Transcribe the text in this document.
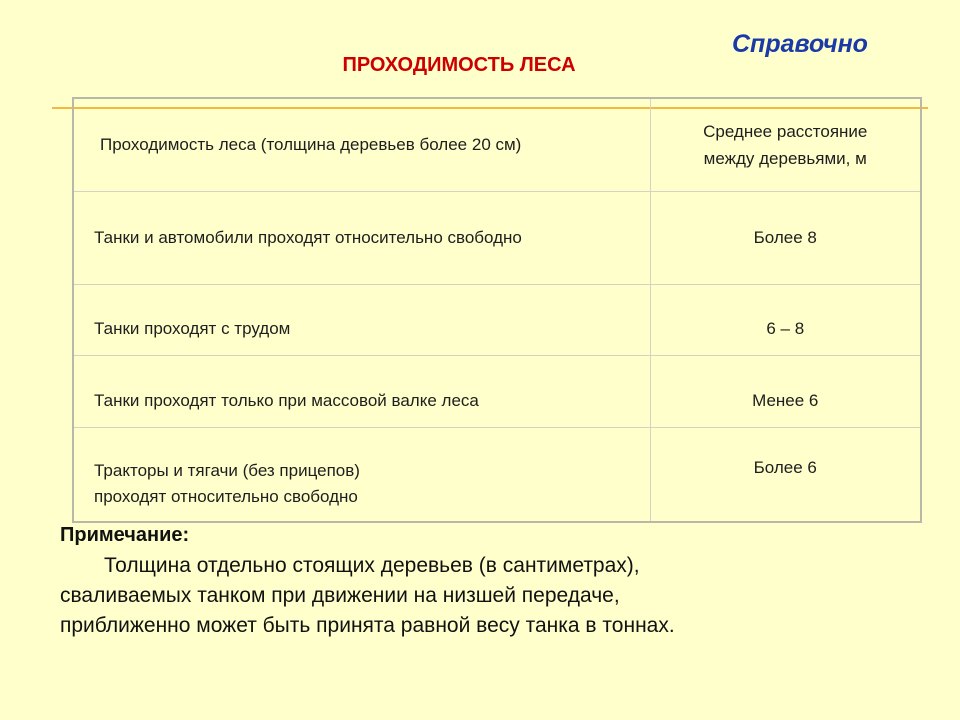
Справочно
ПРОХОДИМОСТЬ ЛЕСА
Проходимость леса (толщина деревьев более 20 см)	Среднее расстояние
между деревьями, м
Танки и автомобили проходят относительно свободно	Более 8
Танки проходят с трудом	6 – 8
Танки проходят только при массовой валке леса	Менее 6
Тракторы и тягачи (без прицепов)
проходят относительно свободно	Более 6
Примечание:
Толщина отдельно стоящих деревьев (в сантиметрах),
сваливаемых танком при движении на низшей передаче,
приближенно может быть принята равной весу танка в тоннах.
